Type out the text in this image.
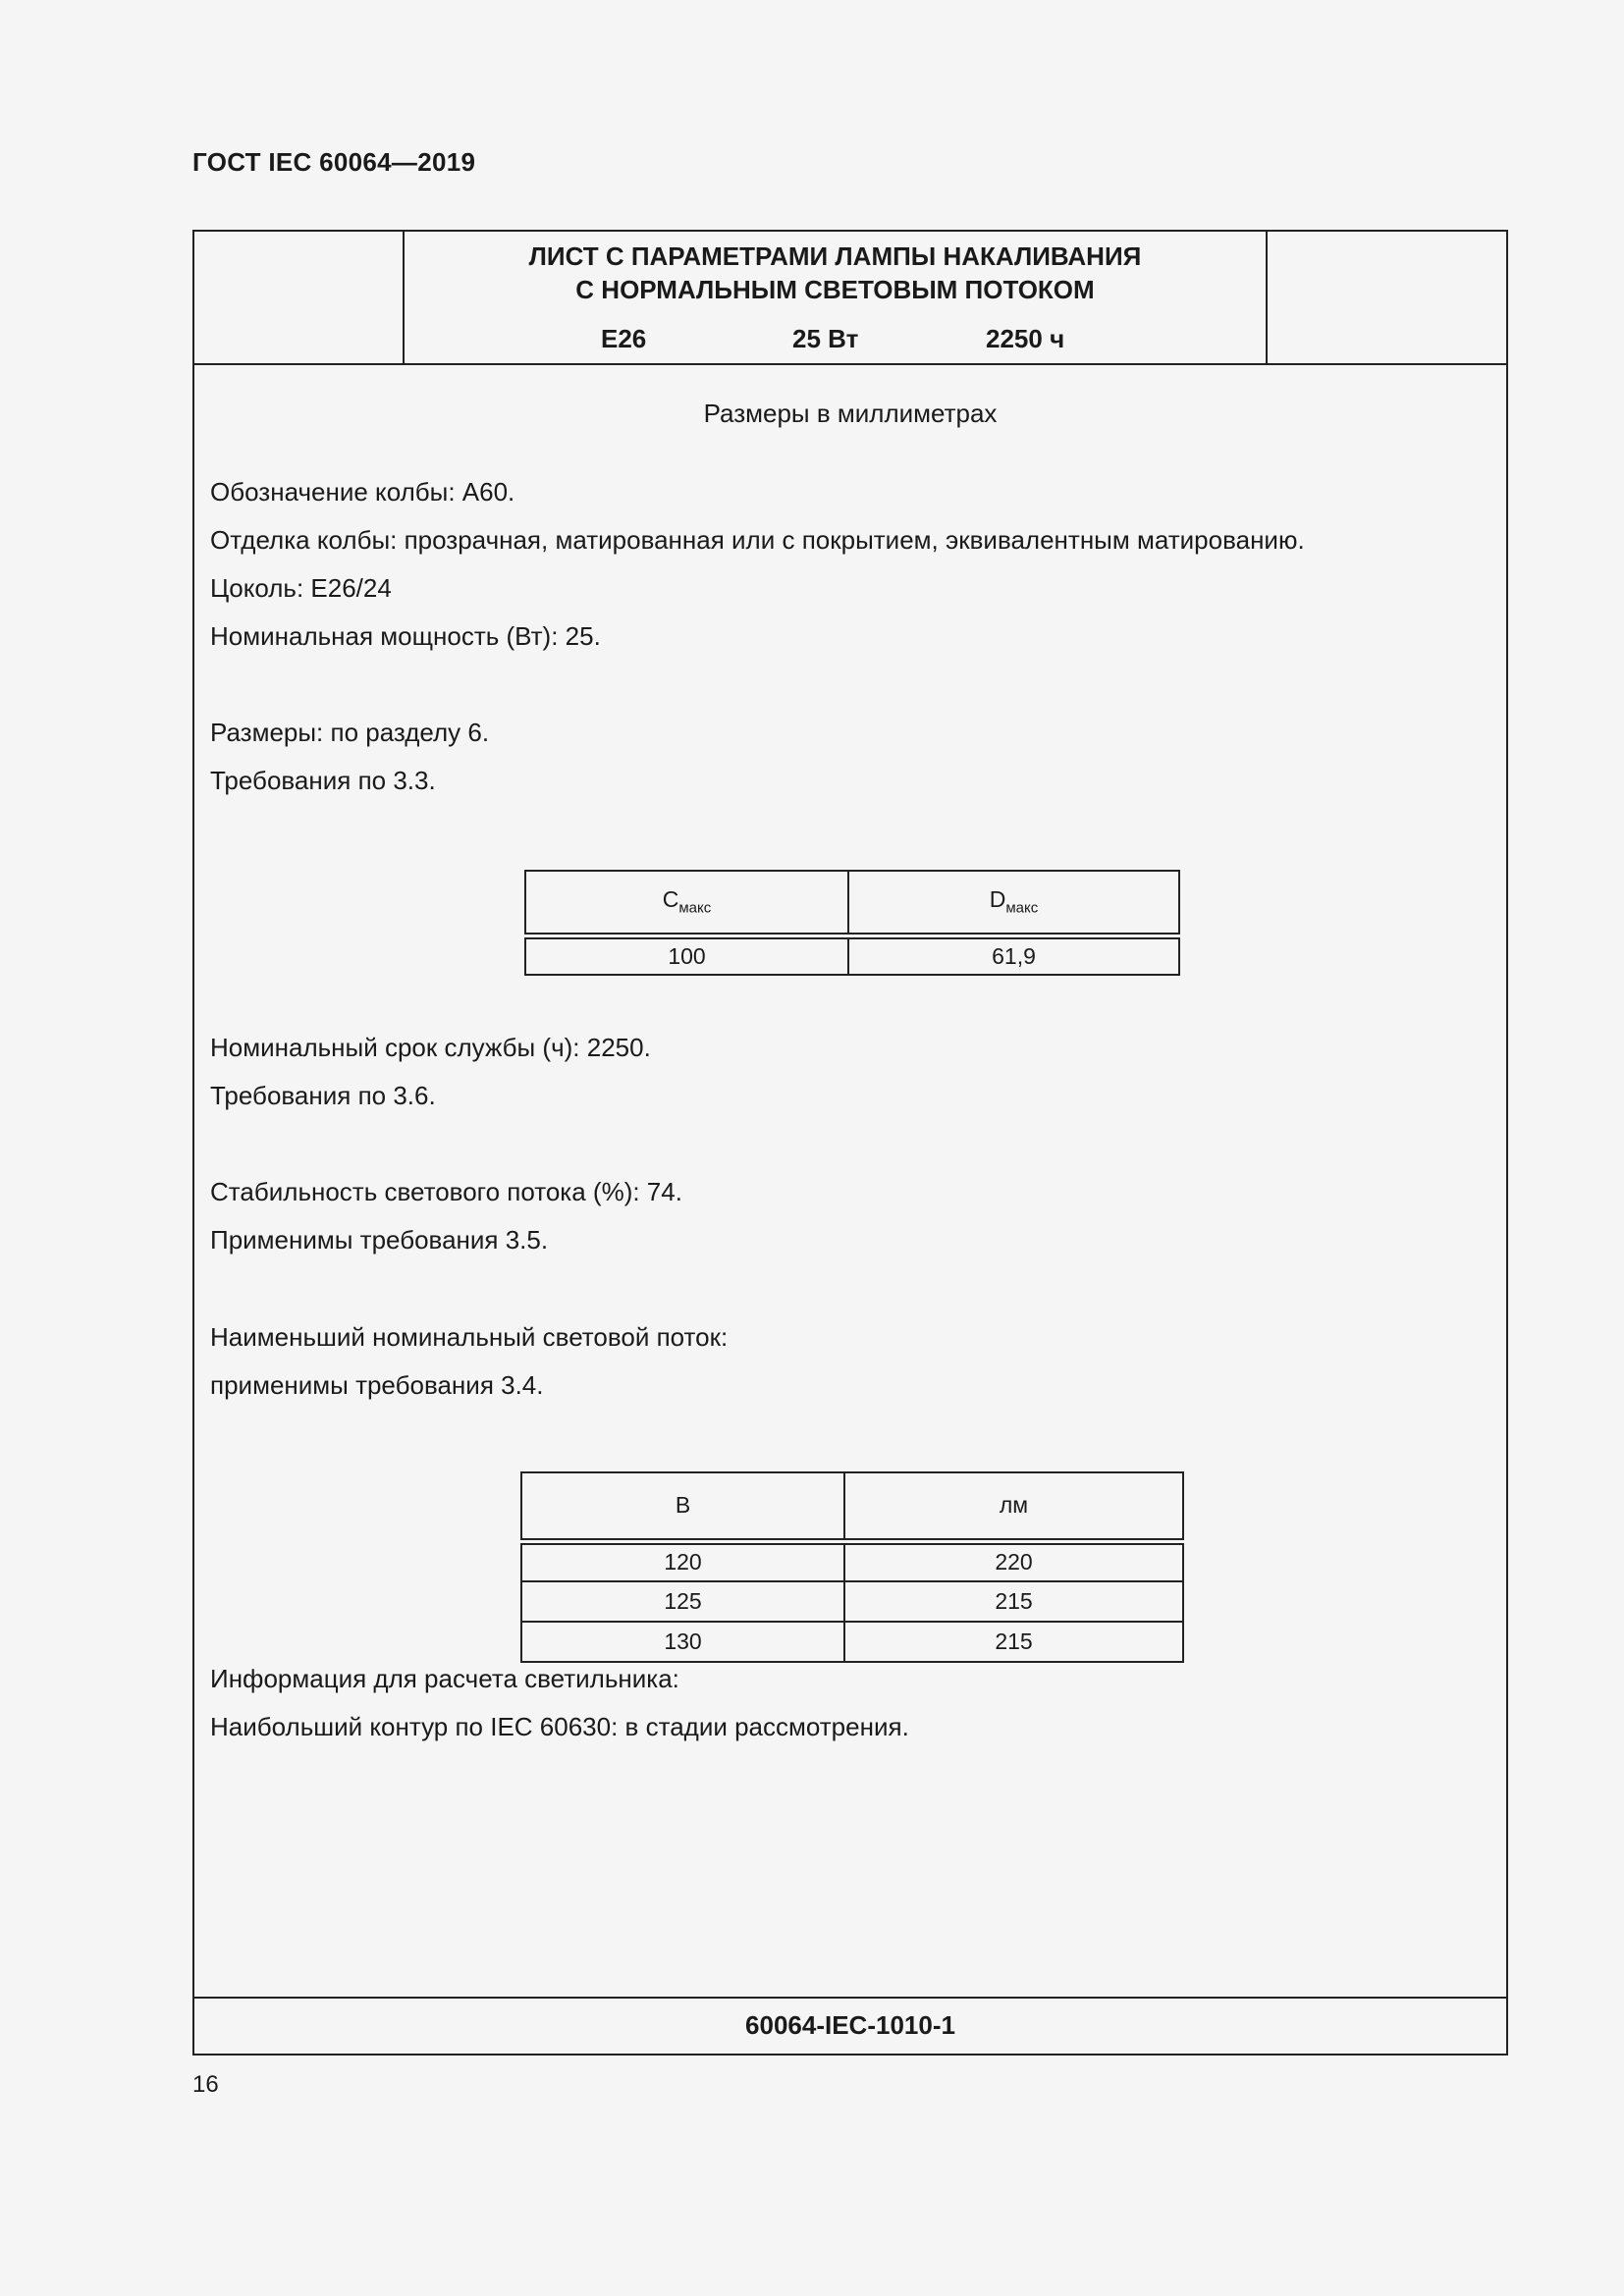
ГОСТ IEC 60064—2019
ЛИСТ С ПАРАМЕТРАМИ ЛАМПЫ НАКАЛИВАНИЯ
С НОРМАЛЬНЫМ СВЕТОВЫМ ПОТОКОМ
E26	25 Вт	2250 ч
Размеры в миллиметрах
Обозначение колбы: A60.
Отделка колбы: прозрачная, матированная или с покрытием, эквивалентным матированию.
Цоколь: E26/24
Номинальная мощность (Вт): 25.
Размеры: по разделу 6.
Требования по 3.3.
$C_{макс}$	$D_{макс}$
100	61,9
Номинальный срок службы (ч): 2250.
Требования по 3.6.
Стабильность светового потока (%): 74.
Применимы требования 3.5.
Наименьший номинальный световой поток:
применимы требования 3.4.
В	лм
120	220
125	215
130	215
Информация для расчета светильника:
Наибольший контур по IEC 60630: в стадии рассмотрения.
60064-IEC-1010-1
16
